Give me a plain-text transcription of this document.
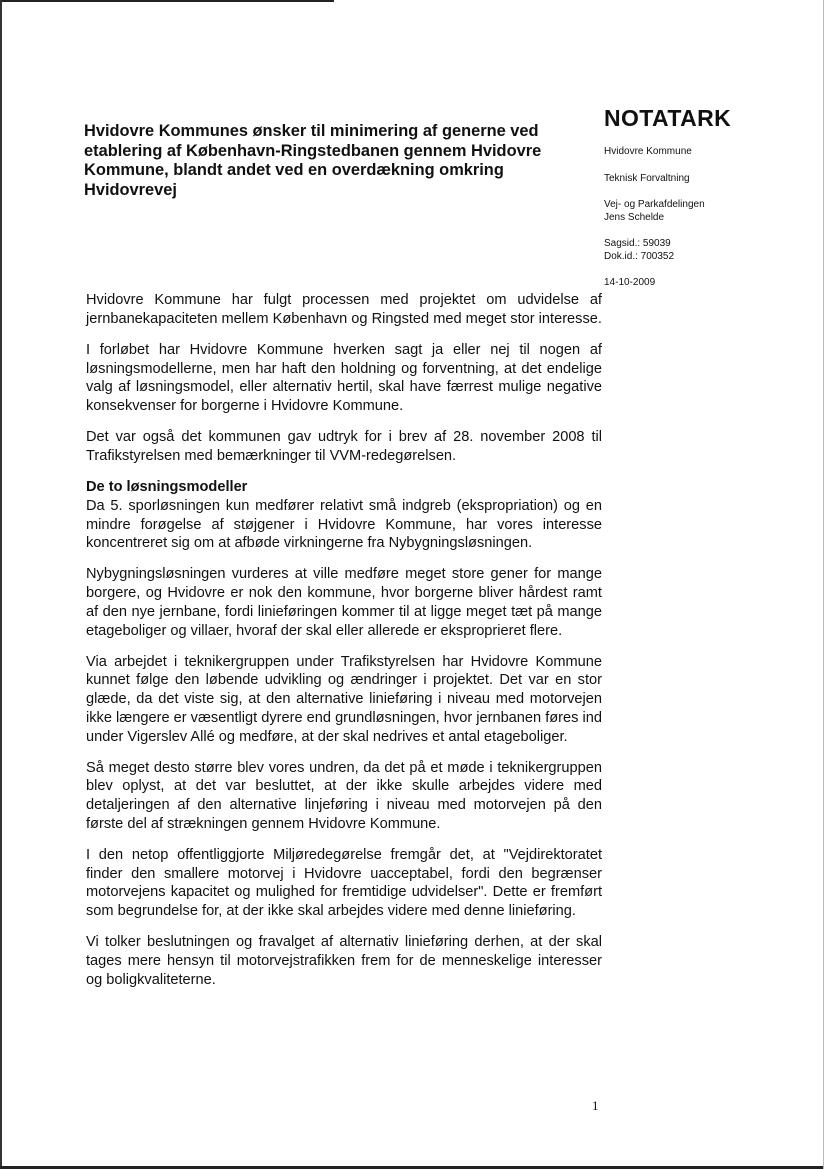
Hvidovre Kommunes ønsker til minimering af generne ved etablering af København-Ringstedbanen gennem Hvidovre Kommune, blandt andet ved en overdækning omkring Hvidovrevej
NOTATARK
Hvidovre Kommune
Teknisk Forvaltning
Vej- og Parkafdelingen
Jens Schelde
Sagsid.: 59039
Dok.id.: 700352
14-10-2009

Hvidovre Kommune har fulgt processen med projektet om udvidelse af jernbanekapaciteten mellem København og Ringsted med meget stor interesse.

I forløbet har Hvidovre Kommune hverken sagt ja eller nej til nogen af løsningsmodellerne, men har haft den holdning og forventning, at det endelige valg af løsningsmodel, eller alternativ hertil, skal have færrest mulige negative konsekvenser for borgerne i Hvidovre Kommune.

Det var også det kommunen gav udtryk for i brev af 28. november 2008 til Trafikstyrelsen med bemærkninger til VVM-redegørelsen.

De to løsningsmodeller
Da 5. sporløsningen kun medfører relativt små indgreb (ekspropriation) og en mindre forøgelse af støjgener i Hvidovre Kommune, har vores interesse koncentreret sig om at afbøde virkningerne fra Nybygningsløsningen.

Nybygningsløsningen vurderes at ville medføre meget store gener for mange borgere, og Hvidovre er nok den kommune, hvor borgerne bliver hårdest ramt af den nye jernbane, fordi linieføringen kommer til at ligge meget tæt på mange etageboliger og villaer, hvoraf der skal eller allerede er eksproprieret flere.

Via arbejdet i teknikergruppen under Trafikstyrelsen har Hvidovre Kommune kunnet følge den løbende udvikling og ændringer i projektet. Det var en stor glæde, da det viste sig, at den alternative linieføring i niveau med motorvejen ikke længere er væsentligt dyrere end grundløsningen, hvor jernbanen føres ind under Vigerslev Allé og medføre, at der skal nedrives et antal etageboliger.

Så meget desto større blev vores undren, da det på et møde i teknikergruppen blev oplyst, at det var besluttet, at der ikke skulle arbejdes videre med detaljeringen af den alternative linjeføring i niveau med motorvejen på den første del af strækningen gennem Hvidovre Kommune.

I den netop offentliggjorte Miljøredegørelse fremgår det, at "Vejdirektoratet finder den smallere motorvej i Hvidovre uacceptabel, fordi den begrænser motorvejens kapacitet og mulighed for fremtidige udvidelser". Dette er fremført som begrundelse for, at der ikke skal arbejdes videre med denne linieføring.

Vi tolker beslutningen og fravalget af alternativ linieføring derhen, at der skal tages mere hensyn til motorvejstrafikken frem for de menneskelige interesser og boligkvaliteterne.

1
